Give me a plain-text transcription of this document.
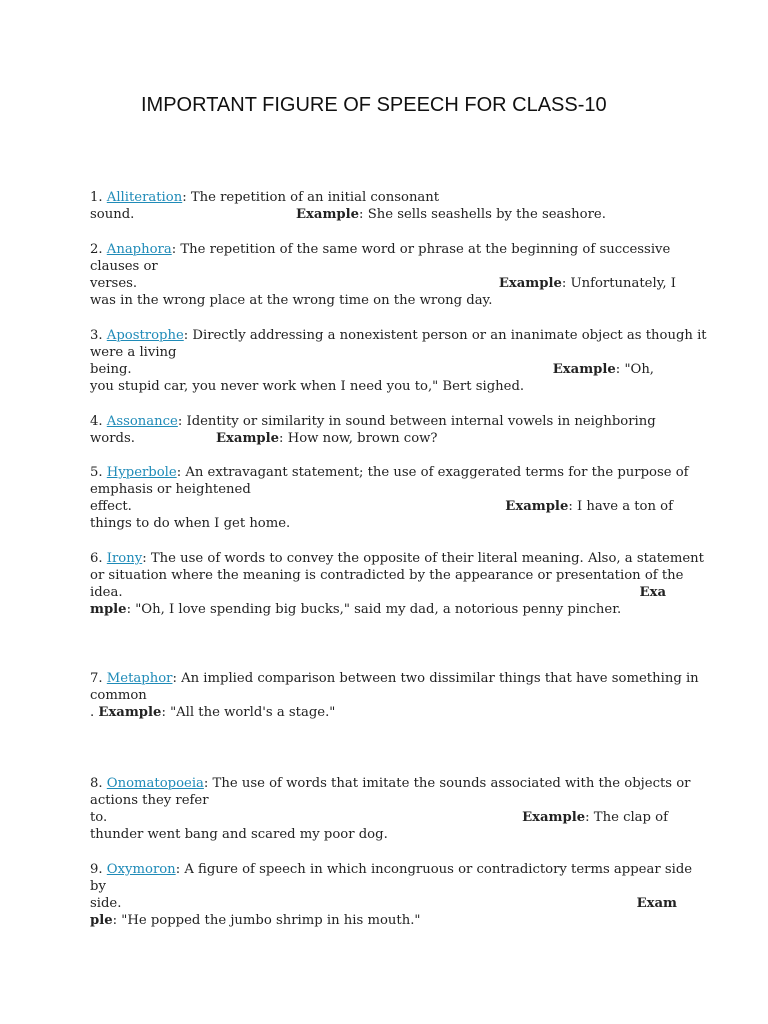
IMPORTANT FIGURE OF SPEECH FOR CLASS-10
1. Alliteration: The repetition of an initial consonant
sound.	Example: She sells seashells by the seashore.
2. Anaphora: The repetition of the same word or phrase at the beginning of successive
clauses or
verses.	Example: Unfortunately, I
was in the wrong place at the wrong time on the wrong day.
3. Apostrophe: Directly addressing a nonexistent person or an inanimate object as though it
were a living
being.	Example: "Oh,
you stupid car, you never work when I need you to," Bert sighed.
4. Assonance: Identity or similarity in sound between internal vowels in neighboring
words.	Example: How now, brown cow?
5. Hyperbole: An extravagant statement; the use of exaggerated terms for the purpose of
emphasis or heightened
effect.	Example: I have a ton of
things to do when I get home.
6. Irony: The use of words to convey the opposite of their literal meaning. Also, a statement
or situation where the meaning is contradicted by the appearance or presentation of the
idea.	Exa
mple: "Oh, I love spending big bucks," said my dad, a notorious penny pincher.
7. Metaphor: An implied comparison between two dissimilar things that have something in
common
. Example: "All the world's a stage."
8. Onomatopoeia: The use of words that imitate the sounds associated with the objects or
actions they refer
to.	Example: The clap of
thunder went bang and scared my poor dog.
9. Oxymoron: A figure of speech in which incongruous or contradictory terms appear side
by
side.	Exam
ple: "He popped the jumbo shrimp in his mouth."
